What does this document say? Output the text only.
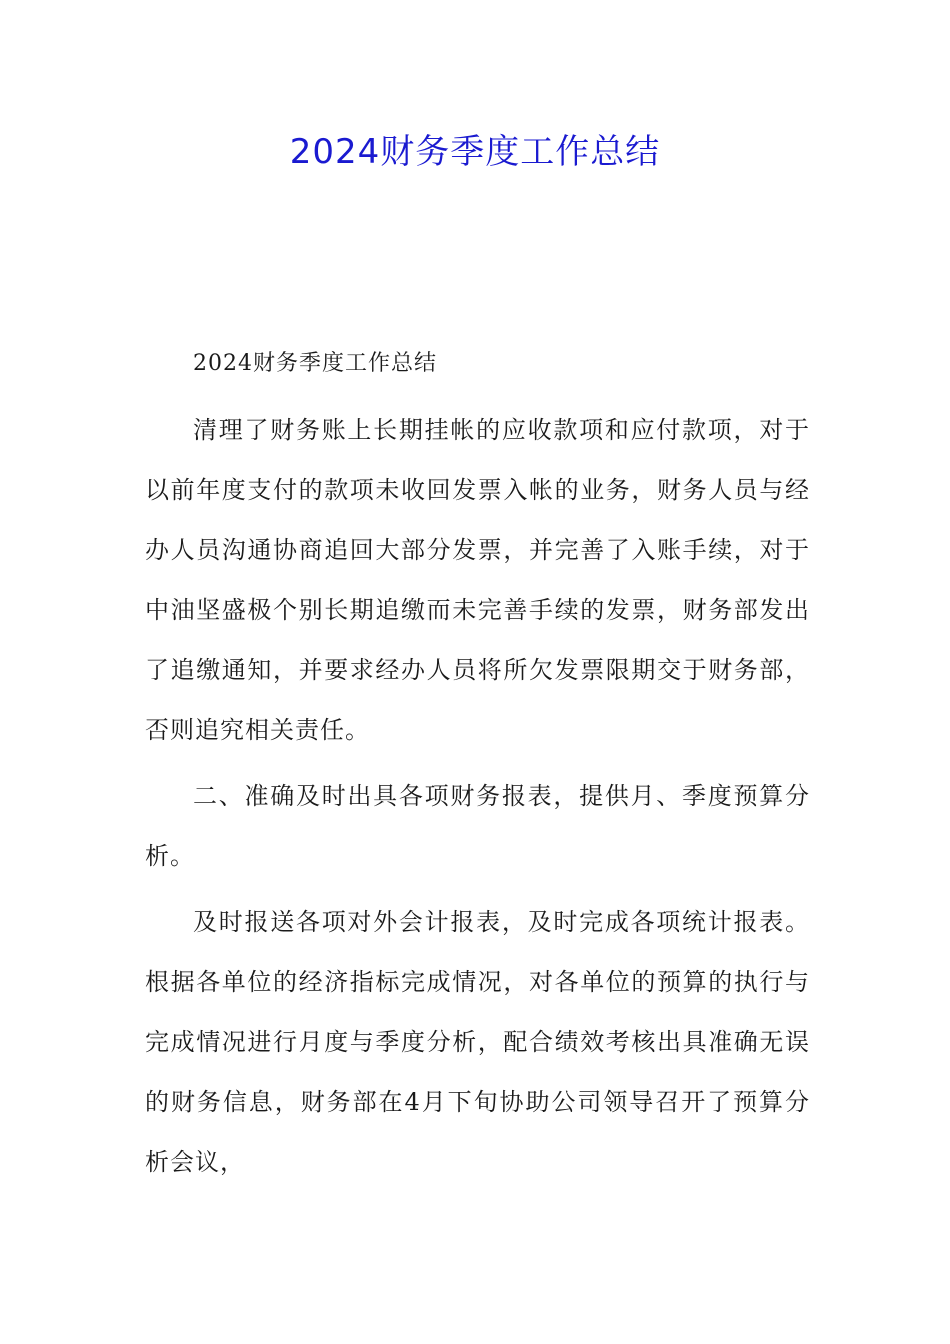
2024财务季度工作总结

2024财务季度工作总结

清理了财务账上长期挂帐的应收款项和应付款项，对于以前年度支付的款项未收回发票入帐的业务，财务人员与经办人员沟通协商追回大部分发票，并完善了入账手续，对于中油坚盛极个别长期追缴而未完善手续的发票，财务部发出了追缴通知，并要求经办人员将所欠发票限期交于财务部，否则追究相关责任。

二、准确及时出具各项财务报表，提供月、季度预算分析。

及时报送各项对外会计报表，及时完成各项统计报表。根据各单位的经济指标完成情况，对各单位的预算的执行与完成情况进行月度与季度分析，配合绩效考核出具准确无误的财务信息，财务部在4月下旬协助公司领导召开了预算分析会议，
